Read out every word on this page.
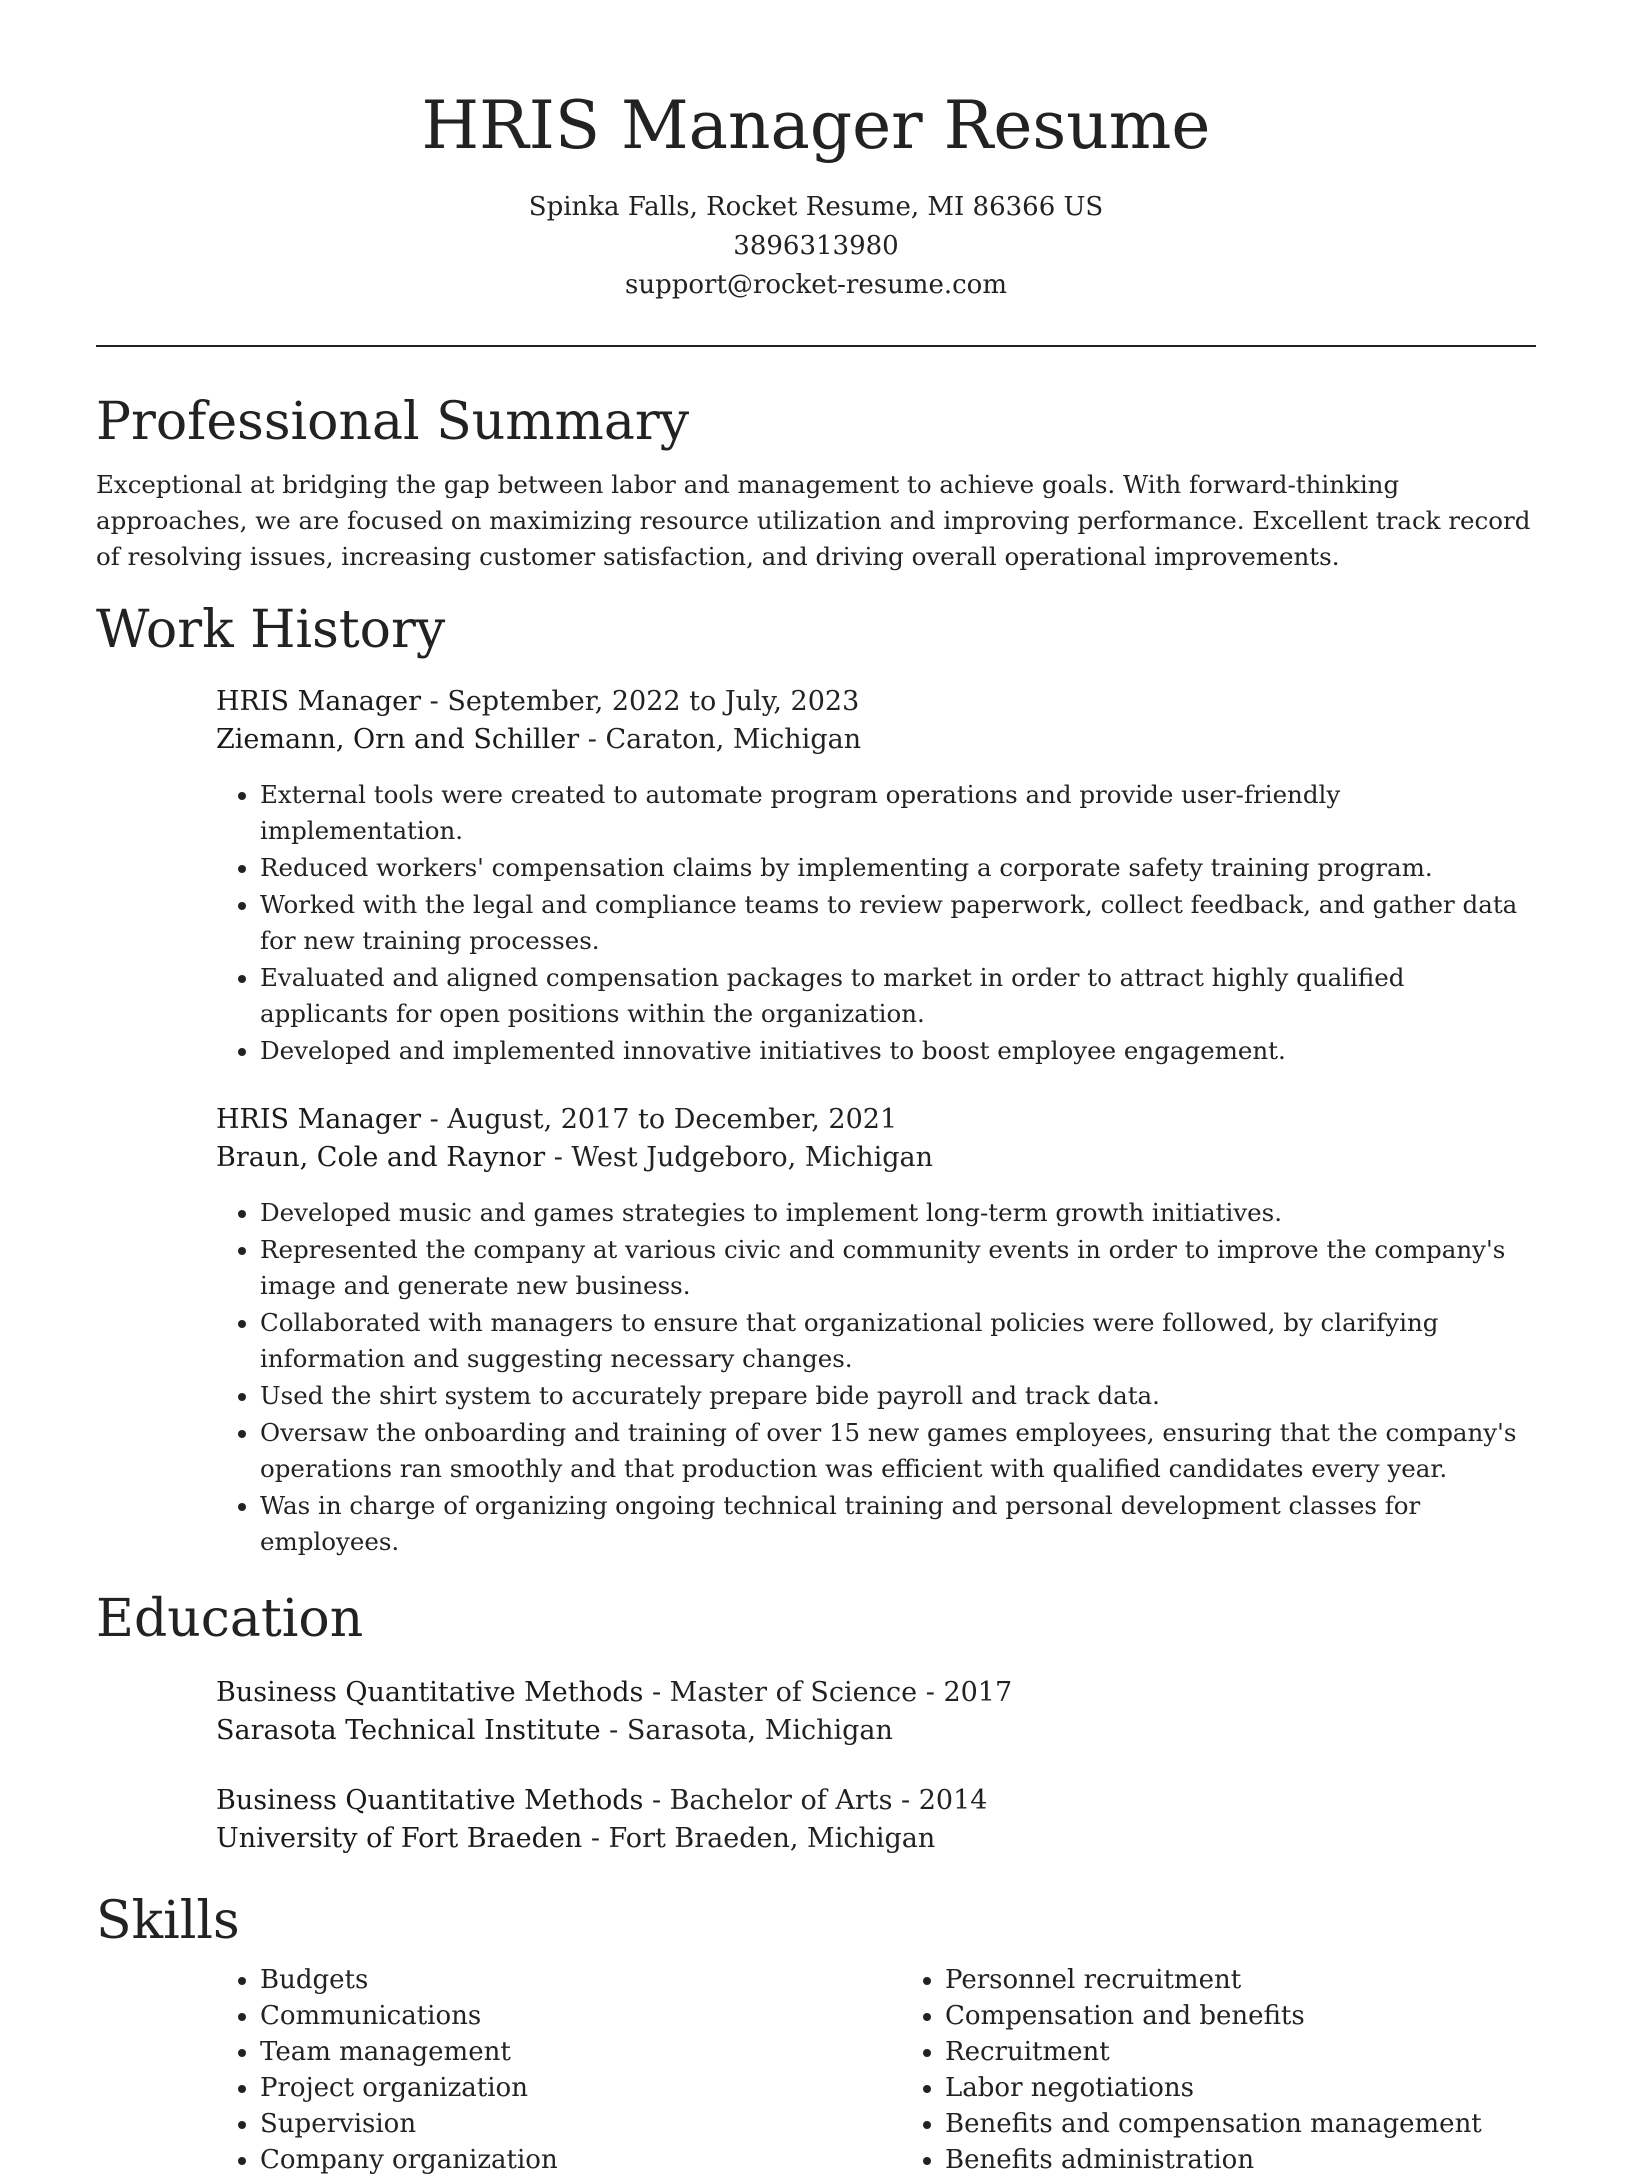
HRIS Manager Resume
Spinka Falls, Rocket Resume, MI 86366 US
3896313980
support@rocket-resume.com
Professional Summary

Exceptional at bridging the gap between labor and management to achieve goals. With forward-thinking approaches, we are focused on maximizing resource utilization and improving performance. Excellent track record of resolving issues, increasing customer satisfaction, and driving overall operational improvements.

Work History
HRIS Manager - September, 2022 to July, 2023
Ziemann, Orn and Schiller - Caraton, Michigan
• External tools were created to automate program operations and provide user-friendly implementation.
• Reduced workers' compensation claims by implementing a corporate safety training program.
• Worked with the legal and compliance teams to review paperwork, collect feedback, and gather data for new training processes.
• Evaluated and aligned compensation packages to market in order to attract highly qualified applicants for open positions within the organization.
• Developed and implemented innovative initiatives to boost employee engagement.
HRIS Manager - August, 2017 to December, 2021
Braun, Cole and Raynor - West Judgeboro, Michigan
• Developed music and games strategies to implement long-term growth initiatives.
• Represented the company at various civic and community events in order to improve the company's image and generate new business.
• Collaborated with managers to ensure that organizational policies were followed, by clarifying information and suggesting necessary changes.
• Used the shirt system to accurately prepare bide payroll and track data.
• Oversaw the onboarding and training of over 15 new games employees, ensuring that the company's operations ran smoothly and that production was efficient with qualified candidates every year.
• Was in charge of organizing ongoing technical training and personal development classes for employees.
Education
Business Quantitative Methods - Master of Science - 2017
Sarasota Technical Institute - Sarasota, Michigan
Business Quantitative Methods - Bachelor of Arts - 2014
University of Fort Braeden - Fort Braeden, Michigan
Skills
• Budgets
• Communications
• Team management
• Project organization
• Supervision
• Company organization
• Personnel recruitment
• Compensation and benefits
• Recruitment
• Labor negotiations
• Benefits and compensation management
• Benefits administration
